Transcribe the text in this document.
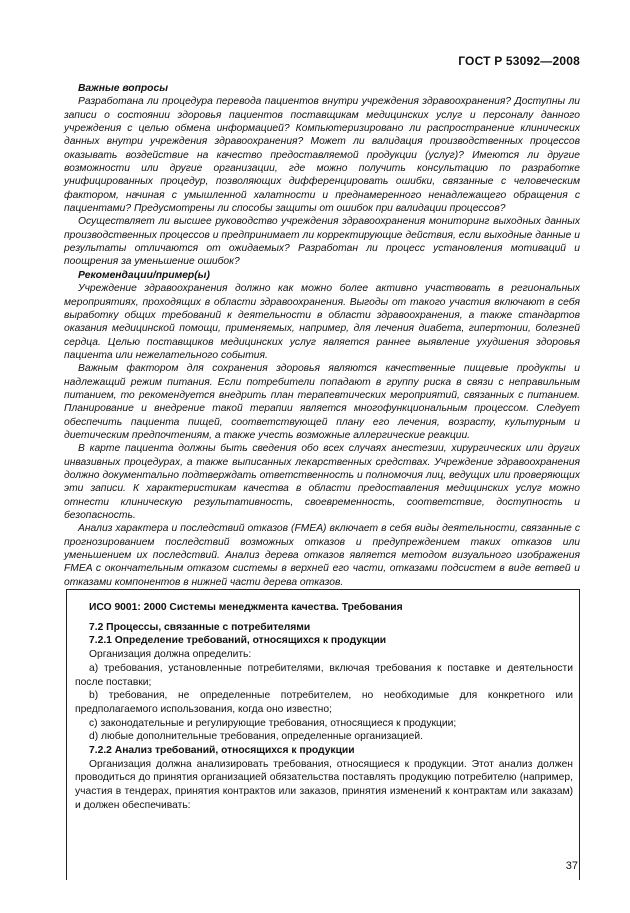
ГОСТ Р 53092—2008

Важные вопросы

Разработана ли процедура перевода пациентов внутри учреждения здравоохранения? Доступны ли записи о состоянии здоровья пациентов поставщикам медицинских услуг и персоналу данного учреждения с целью обмена информацией? Компьютеризировано ли распространение клинических данных внутри учреждения здравоохранения? Может ли валидация производственных процессов оказывать воздействие на качество предоставляемой продукции (услуг)? Имеются ли другие возможности или другие организации, где можно получить консультацию по разработке унифицированных процедур, позволяющих дифференцировать ошибки, связанные с человеческим фактором, начиная с умышленной халатности и преднамеренного ненадлежащего обращения с пациентами? Предусмотрены ли способы защиты от ошибок при валидации процессов?

Осуществляет ли высшее руководство учреждения здравоохранения мониторинг выходных данных производственных процессов и предпринимает ли корректирующие действия, если выходные данные и результаты отличаются от ожидаемых? Разработан ли процесс установления мотиваций и поощрения за уменьшение ошибок?

Рекомендации/пример(ы)

Учреждение здравоохранения должно как можно более активно участвовать в региональных мероприятиях, проходящих в области здравоохранения. Выгоды от такого участия включают в себя выработку общих требований к деятельности в области здравоохранения, а также стандартов оказания медицинской помощи, применяемых, например, для лечения диабета, гипертонии, болезней сердца. Целью поставщиков медицинских услуг является раннее выявление ухудшения здоровья пациента или нежелательного события.

Важным фактором для сохранения здоровья являются качественные пищевые продукты и надлежащий режим питания. Если потребители попадают в группу риска в связи с неправильным питанием, то рекомендуется внедрить план терапевтических мероприятий, связанных с питанием. Планирование и внедрение такой терапии является многофункциональным процессом. Следует обеспечить пациента пищей, соответствующей плану его лечения, возрасту, культурным и диетическим предпочтениям, а также учесть возможные аллергические реакции.

В карте пациента должны быть сведения обо всех случаях анестезии, хирургических или других инвазивных процедурах, а также выписанных лекарственных средствах. Учреждение здравоохранения должно документально подтверждать ответственность и полномочия лиц, ведущих или проверяющих эти записи. К характеристикам качества в области предоставления медицинских услуг можно отнести клиническую результативность, своевременность, соответствие, доступность и безопасность.

Анализ характера и последствий отказов (FMEA) включает в себя виды деятельности, связанные с прогнозированием последствий возможных отказов и предупреждением таких отказов или уменьшением их последствий. Анализ дерева отказов является методом визуального изображения FMEA с окончательным отказом системы в верхней его части, отказами подсистем в виде ветвей и отказами компонентов в нижней части дерева отказов.

ИСО 9001: 2000 Системы менеджмента качества. Требования

7.2 Процессы, связанные с потребителями

7.2.1 Определение требований, относящихся к продукции

Организация должна определить:

а) требования, установленные потребителями, включая требования к поставке и деятельности после поставки;

b) требования, не определенные потребителем, но необходимые для конкретного или предполагаемого использования, когда оно известно;

с) законодательные и регулирующие требования, относящиеся к продукции;

d) любые дополнительные требования, определенные организацией.

7.2.2 Анализ требований, относящихся к продукции

Организация должна анализировать требования, относящиеся к продукции. Этот анализ должен проводиться до принятия организацией обязательства поставлять продукцию потребителю (например, участия в тендерах, принятия контрактов или заказов, принятия изменений к контрактам или заказам) и должен обеспечивать:

37
